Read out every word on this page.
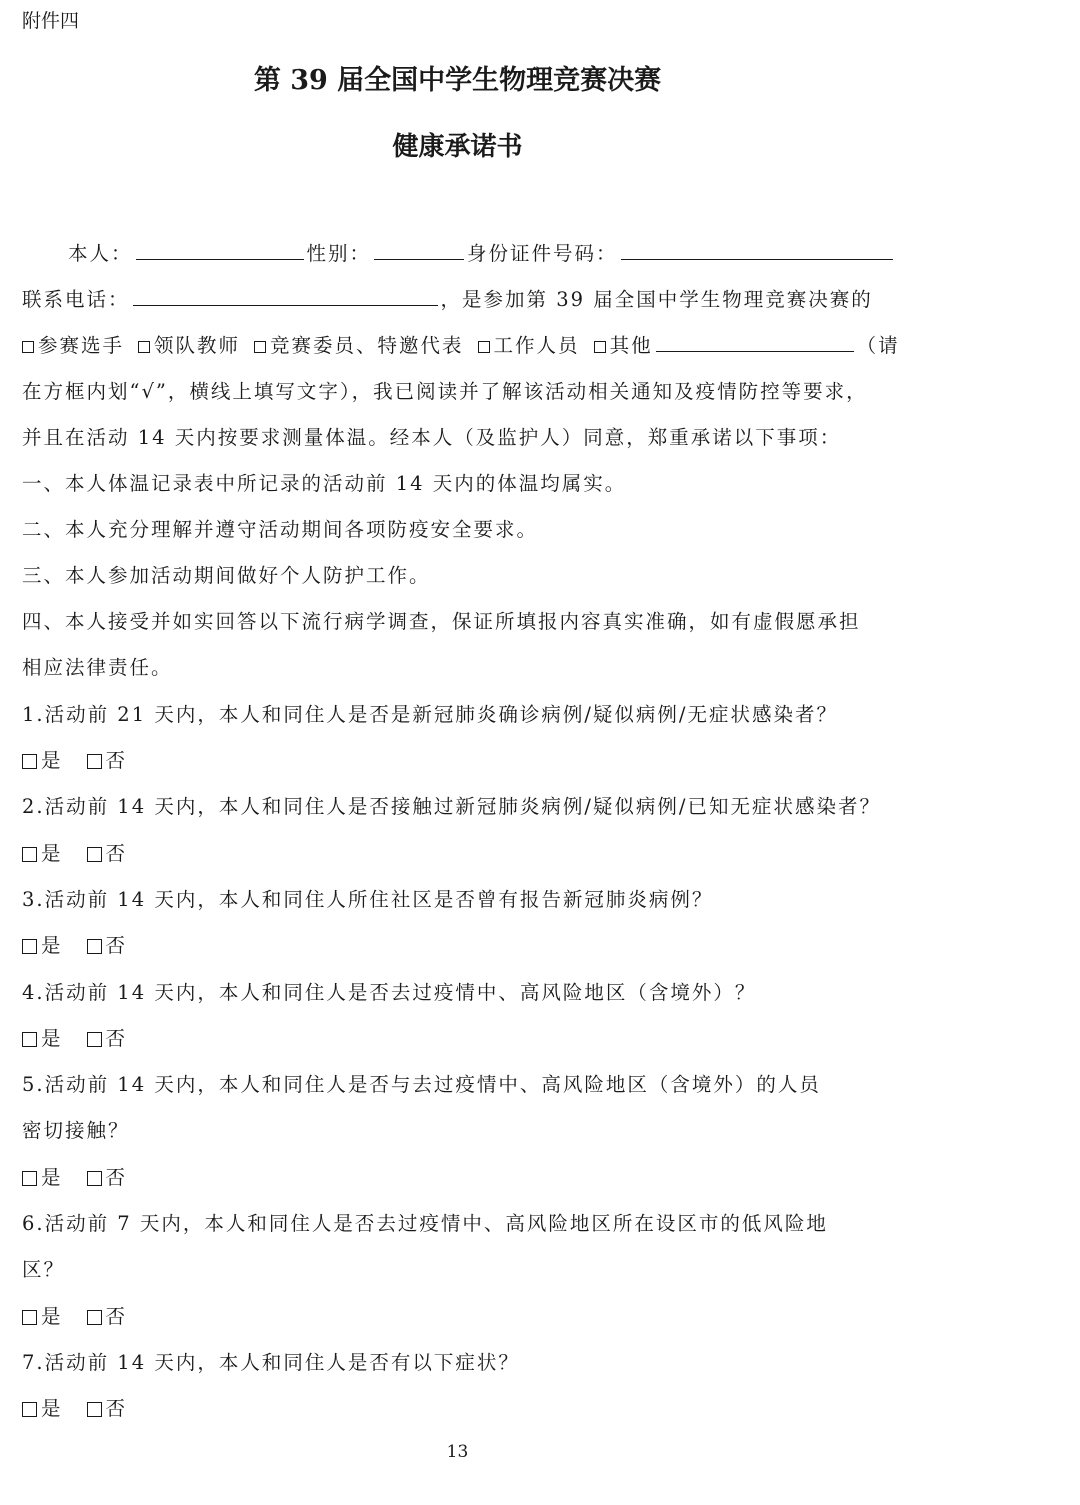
附件四
第 39 届全国中学生物理竞赛决赛
健康承诺书
本人：	性别：	身份证件号码：
联系电话：	，是参加第 39 届全国中学生物理竞赛决赛的
参赛选手 领队教师 竞赛委员、特邀代表 工作人员 其他	（请
在方框内划“√”，横线上填写文字），我已阅读并了解该活动相关通知及疫情防控等要求，
并且在活动 14 天内按要求测量体温。经本人（及监护人）同意，郑重承诺以下事项：
一、本人体温记录表中所记录的活动前 14 天内的体温均属实。
二、本人充分理解并遵守活动期间各项防疫安全要求。
三、本人参加活动期间做好个人防护工作。
四、本人接受并如实回答以下流行病学调查，保证所填报内容真实准确，如有虚假愿承担
相应法律责任。
1.活动前 21 天内，本人和同住人是否是新冠肺炎确诊病例/疑似病例/无症状感染者？
是 否
2.活动前 14 天内，本人和同住人是否接触过新冠肺炎病例/疑似病例/已知无症状感染者？
是 否
3.活动前 14 天内，本人和同住人所住社区是否曾有报告新冠肺炎病例？
是 否
4.活动前 14 天内，本人和同住人是否去过疫情中、高风险地区（含境外）？
是 否
5.活动前 14 天内，本人和同住人是否与去过疫情中、高风险地区（含境外）的人员
密切接触？
是 否
6.活动前 7 天内，本人和同住人是否去过疫情中、高风险地区所在设区市的低风险地
区？
是 否
7.活动前 14 天内，本人和同住人是否有以下症状？
是 否
13
